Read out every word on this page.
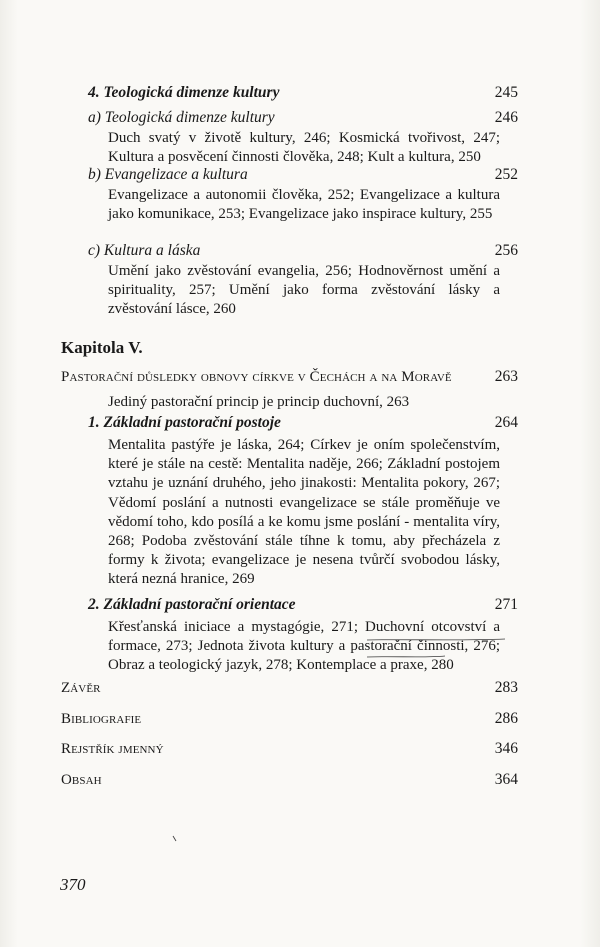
4. Teologická dimenze kultury	245
a) Teologická dimenze kultury	246
Duch svatý v životě kultury, 246; Kosmická tvořivost, 247; Kultura a posvěcení činnosti člověka, 248; Kult a kultura, 250
b) Evangelizace a kultura	252
Evangelizace a autonomii člověka, 252; Evangelizace a kultura jako komunikace, 253; Evangelizace jako inspirace kultury, 255
c) Kultura a láska	256
Umění jako zvěstování evangelia, 256; Hodnověrnost umění a spirituality, 257; Umění jako forma zvěstování lásky a zvěstování lásce, 260
Kapitola V.
Pastorační důsledky obnovy církve v Čechách a na Moravě	263
Jediný pastorační princip je princip duchovní, 263
1. Základní pastorační postoje	264
Mentalita pastýře je láska, 264; Církev je oním společenstvím, které je stále na cestě: Mentalita naděje, 266; Základní postojem vztahu je uznání druhého, jeho jinakosti: Mentalita pokory, 267; Vědomí poslání a nutnosti evangelizace se stále proměňuje ve vědomí toho, kdo posílá a ke komu jsme poslání - mentalita víry, 268; Podoba zvěstování stále tíhne k tomu, aby přecházela z formy k života; evangelizace je nesena tvůrčí svobodou lásky, která nezná hranice, 269
2. Základní pastorační orientace	271
Křesťanská iniciace a mystagógie, 271; Duchovní otcovství a formace, 273; Jednota života kultury a pastorační činnosti, 276; Obraz a teologický jazyk, 278; Kontemplace a praxe, 280
Závěr	283
Bibliografie	286
Rejstřík jmenný	346
Obsah	364
370
